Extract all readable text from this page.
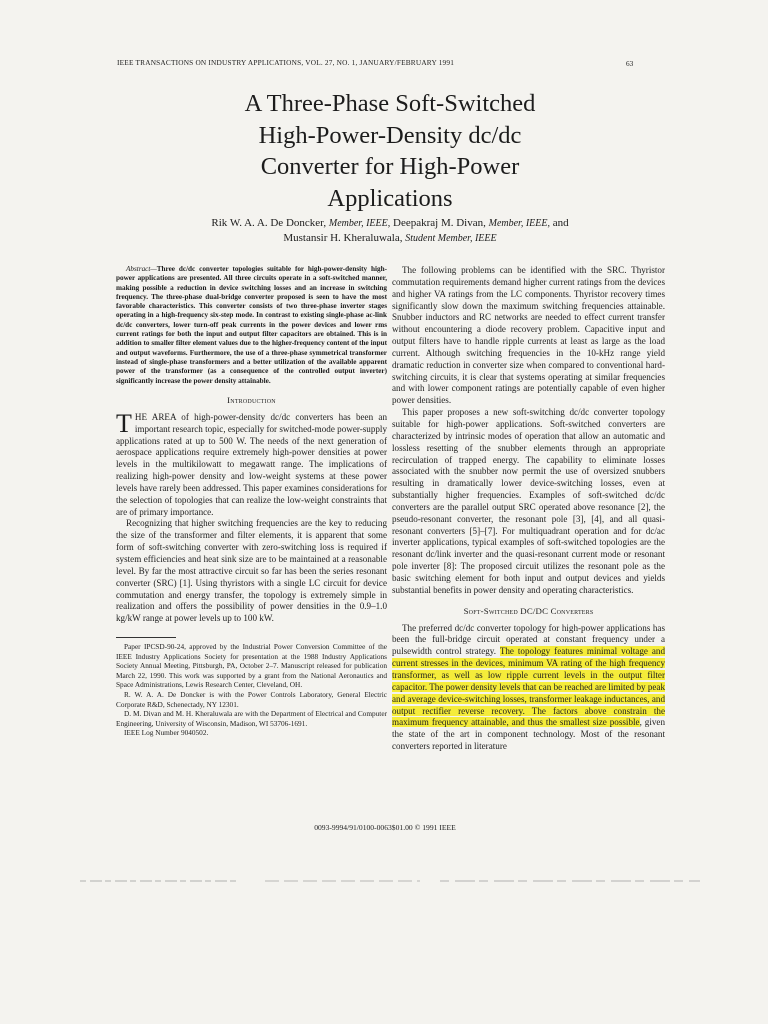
IEEE TRANSACTIONS ON INDUSTRY APPLICATIONS, VOL. 27, NO. 1, JANUARY/FEBRUARY 1991	63
A Three-Phase Soft-Switched
High-Power-Density dc/dc
Converter for High-Power
Applications
Rik W. A. A. De Doncker, Member, IEEE, Deepakraj M. Divan, Member, IEEE, and
Mustansir H. Kheraluwala, Student Member, IEEE

Abstract—Three dc/dc converter topologies suitable for high-power-density high-power applications are presented. All three circuits operate in a soft-switched manner, making possible a reduction in device switching losses and an increase in switching frequency. The three-phase dual-bridge converter proposed is seen to have the most favorable characteristics. This converter consists of two three-phase inverter stages operating in a high-frequency six-step mode. In contrast to existing single-phase ac-link dc/dc converters, lower turn-off peak currents in the power devices and lower rms current ratings for both the input and output filter capacitors are obtained. This is in addition to smaller filter element values due to the higher-frequency content of the input and output waveforms. Furthermore, the use of a three-phase symmetrical transformer instead of single-phase transformers and a better utilization of the available apparent power of the transformer (as a consequence of the controlled output inverter) significantly increase the power density attainable.

Introduction

THE AREA of high-power-density dc/dc converters has been an important research topic, especially for switched-mode power-supply applications rated at up to 500 W. The needs of the next generation of aerospace applications require extremely high-power densities at power levels in the multikilowatt to megawatt range. The implications of realizing high-power density and low-weight systems at these power levels have rarely been addressed. This paper examines considerations for the selection of topologies that can realize the low-weight constraints that are of primary importance.

Recognizing that higher switching frequencies are the key to reducing the size of the transformer and filter elements, it is apparent that some form of soft-switching converter with zero-switching loss is required if system efficiencies and heat sink size are to be maintained at a reasonable level. By far the most attractive circuit so far has been the series resonant converter (SRC) [1]. Using thyristors with a single LC circuit for device commutation and energy transfer, the topology is extremely simple in realization and offers the possibility of power densities in the 0.9–1.0 kg/kW range at power levels up to 100 kW.

Paper IPCSD-90-24, approved by the Industrial Power Conversion Committee of the IEEE Industry Applications Society for presentation at the 1988 Industry Applications Society Annual Meeting, Pittsburgh, PA, October 2–7. Manuscript released for publication March 22, 1990. This work was supported by a grant from the National Aeronautics and Space Administrations, Lewis Research Center, Cleveland, OH.

R. W. A. A. De Doncker is with the Power Controls Laboratory, General Electric Corporate R&D, Schenectady, NY 12301.

D. M. Divan and M. H. Kheraluwala are with the Department of Electrical and Computer Engineering, University of Wisconsin, Madison, WI 53706-1691.

IEEE Log Number 9040502.

The following problems can be identified with the SRC. Thyristor commutation requirements demand higher current ratings from the devices and higher VA ratings from the LC components. Thyristor recovery times significantly slow down the maximum switching frequencies attainable. Snubber inductors and RC networks are needed to effect current transfer without encountering a diode recovery problem. Capacitive input and output filters have to handle ripple currents at least as large as the load current. Although switching frequencies in the 10-kHz range yield dramatic reduction in converter size when compared to conventional hard-switching circuits, it is clear that systems operating at similar frequencies and with lower component ratings are potentially capable of even higher power densities.

This paper proposes a new soft-switching dc/dc converter topology suitable for high-power applications. Soft-switched converters are characterized by intrinsic modes of operation that allow an automatic and lossless resetting of the snubber elements through an appropriate recirculation of trapped energy. The capability to eliminate losses associated with the snubber now permit the use of oversized snubbers resulting in dramatically lower device-switching losses, even at substantially higher frequencies. Examples of soft-switched dc/dc converters are the parallel output SRC operated above resonance [2], the pseudo-resonant converter, the resonant pole [3], [4], and all quasi-resonant converters [5]–[7]. For multiquadrant operation and for dc/ac inverter applications, typical examples of soft-switched topologies are the resonant dc/link inverter and the quasi-resonant current mode or resonant pole inverter [8]: The proposed circuit utilizes the resonant pole as the basic switching element for both input and output devices and yields substantial benefits in power density and operating characteristics.

Soft-Switched DC/DC Converters

The preferred dc/dc converter topology for high-power applications has been the full-bridge circuit operated at constant frequency under a pulsewidth control strategy. The topology features minimal voltage and current stresses in the devices, minimum VA rating of the high frequency transformer, as well as low ripple current levels in the output filter capacitor. The power density levels that can be reached are limited by peak and average device-switching losses, transformer leakage inductances, and output rectifier reverse recovery. The factors above constrain the maximum frequency attainable, and thus the smallest size possible, given the state of the art in component technology. Most of the resonant converters reported in literature

0093-9994/91/0100-0063$01.00 © 1991 IEEE
